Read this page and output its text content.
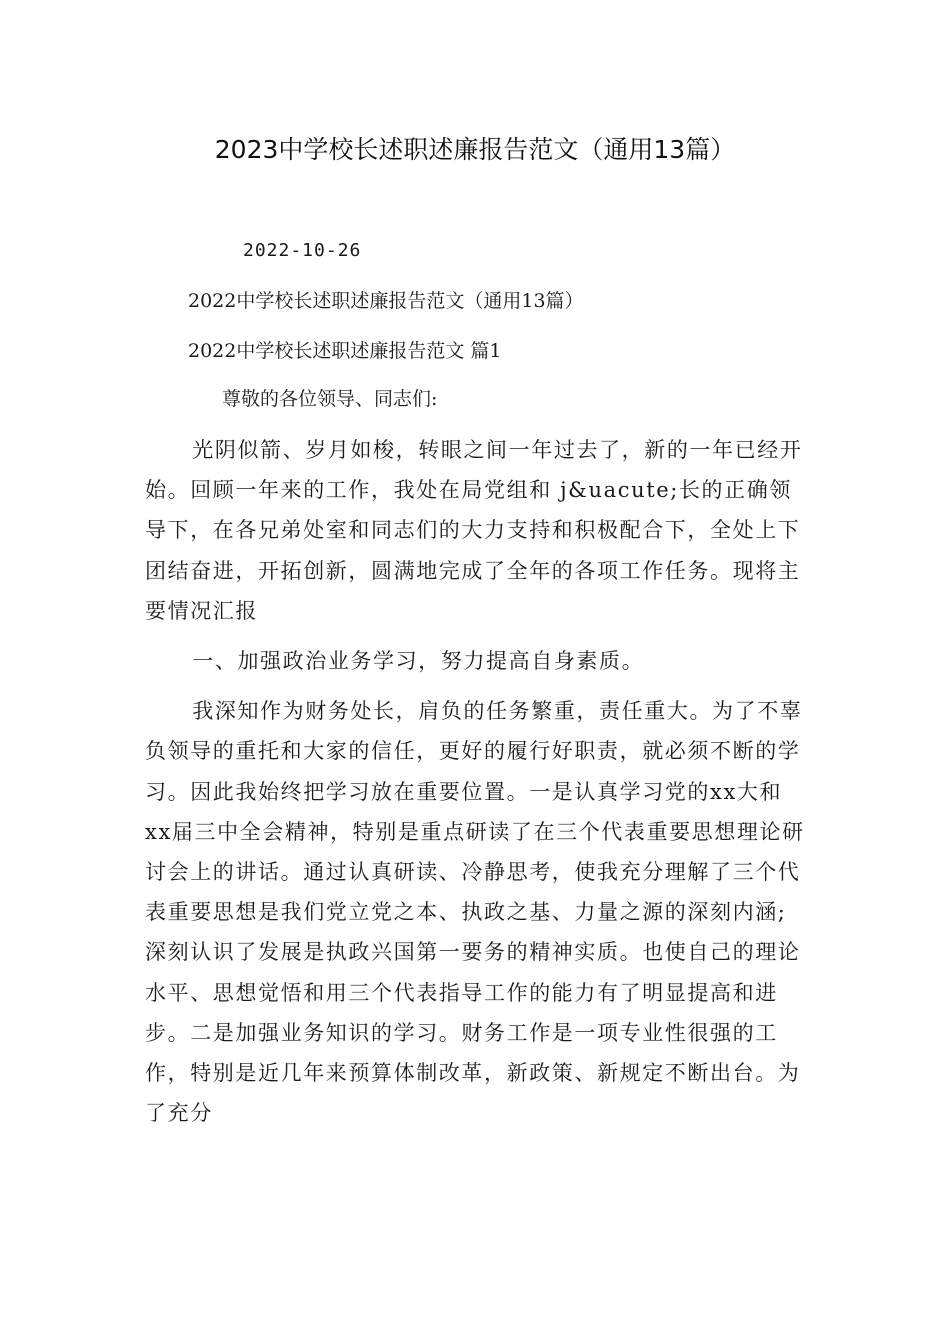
2023中学校长述职述廉报告范文（通用13篇）
2022-10-26
2022中学校长述职述廉报告范文（通用13篇）
2022中学校长述职述廉报告范文 篇1
尊敬的各位领导、同志们:

光阴似箭、岁月如梭，转眼之间一年过去了，新的一年已经开始。回顾一年来的工作，我处在局党组和 j&uacute;长的正确领导下，在各兄弟处室和同志们的大力支持和积极配合下，全处上下团结奋进，开拓创新，圆满地完成了全年的各项工作任务。现将主要情况汇报

一、加强政治业务学习，努力提高自身素质。

我深知作为财务处长，肩负的任务繁重，责任重大。为了不辜负领导的重托和大家的信任，更好的履行好职责，就必须不断的学习。因此我始终把学习放在重要位置。一是认真学习党的xx大和xx届三中全会精神，特别是重点研读了在三个代表重要思想理论研讨会上的讲话。通过认真研读、冷静思考，使我充分理解了三个代表重要思想是我们党立党之本、执政之基、力量之源的深刻内涵;深刻认识了发展是执政兴国第一要务的精神实质。也使自己的理论水平、思想觉悟和用三个代表指导工作的能力有了明显提高和进步。二是加强业务知识的学习。财务工作是一项专业性很强的工作，特别是近几年来预算体制改革，新政策、新规定不断出台。为了充分
